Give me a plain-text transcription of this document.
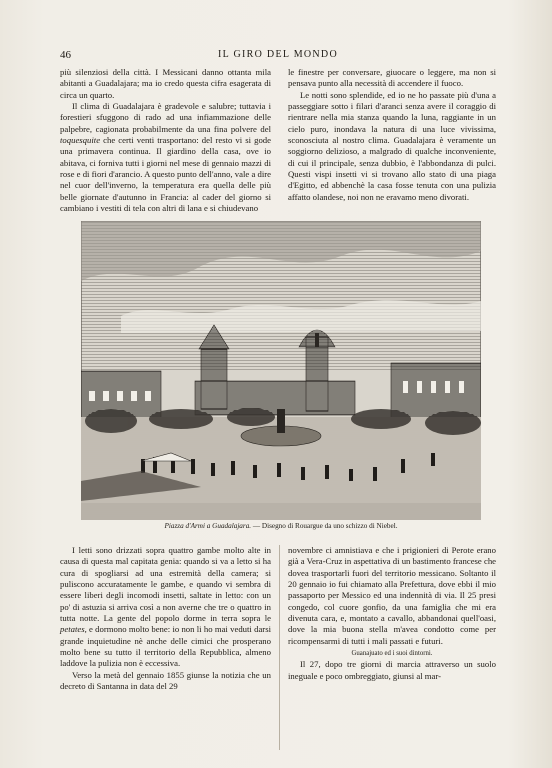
46	IL GIRO DEL MONDO

più silenziosi della città. I Messicani danno ottanta mila abitanti a Guadalajara; ma io credo questa cifra esagerata di circa un quarto.

Il clima di Guadalajara è gradevole e salubre; tuttavia i forestieri sfuggono di rado ad una infiammazione delle palpebre, cagionata probabilmente da una fina polvere del toquesquite che certi venti trasportano: del resto vi si gode una primavera continua. Il giardino della casa, ove io abitava, ci forniva tutti i giorni nel mese di gennaio mazzi di rose e di fiori d'arancio. A questo punto dell'anno, vale a dire nel cuor dell'inverno, la temperatura era quella delle più belle giornate d'autunno in Francia: al cader del giorno si cambiano i vestiti di tela con altri di lana e si chiudevano

le finestre per conversare, giuocare o leggere, ma non si pensava punto alla necessità di accendere il fuoco.

Le notti sono splendide, ed io ne ho passate più d'una a passeggiare sotto i filari d'aranci senza avere il coraggio di rientrare nella mia stanza quando la luna, raggiante in un cielo puro, inondava la natura di una luce vivissima, sconosciuta al nostro clima. Guadalajara è veramente un soggiorno delizioso, a malgrado di qualche inconveniente, di cui il principale, senza dubbio, è l'abbondanza di pulci. Questi vispi insetti vi si trovano allo stato di una piaga d'Egitto, ed abbenchè la casa fosse tenuta con una pulizia affatto olandese, noi non ne eravamo meno divorati.

Piazza d'Armi a Guadalajara. — Disegno di Rouargue da uno schizzo di Niebel.

I letti sono drizzati sopra quattro gambe molto alte in causa di questa mal capitata genia: quando si va a letto si ha cura di spogliarsi ad una estremità della camera; si puliscono accuratamente le gambe, e quando vi sembra di essere liberi degli incomodi insetti, saltate in letto: con un po' di astuzia si arriva così a non averne che tre o quattro in tutta notte. La gente del popolo dorme in terra sopra le petates, e dormono molto bene: io non li ho mai veduti darsi grande inquietudine nè anche delle cimici che prosperano molto bene su tutto il territorio della Repubblica, almeno laddove la pulizia non è eccessiva.

Verso la metà del gennaio 1855 giunse la notizia che un decreto di Santanna in data del 29

novembre ci amnistiava e che i prigionieri di Perote erano già a Vera-Cruz in aspettativa di un bastimento francese che dovea trasportarli fuori del territorio messicano. Soltanto il 20 gennaio io fui chiamato alla Prefettura, dove ebbi il mio passaporto per Messico ed una indennità di via. Il 25 presi congedo, col cuore gonfio, da una famiglia che mi era divenuta cara, e, montato a cavallo, abbandonai quell'oasi, dove la mia buona stella m'avea condotto come per ricompensarmi di tutti i mali passati e futuri.

Guanajuato ed i suoi dintorni.

Il 27, dopo tre giorni di marcia attraverso un suolo ineguale e poco ombreggiato, giunsi al mar-
